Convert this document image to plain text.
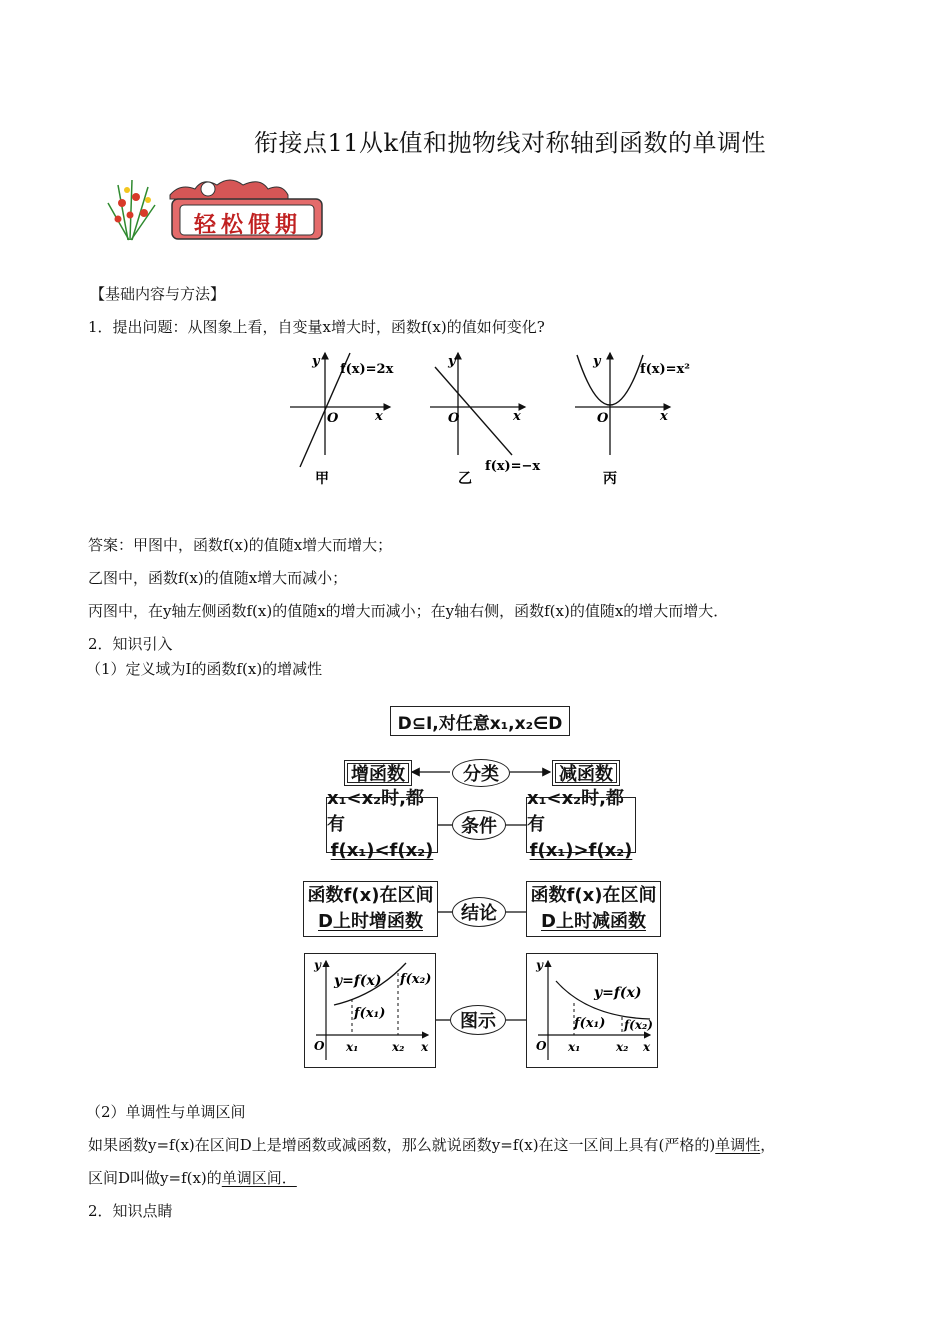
衔接点11从k值和抛物线对称轴到函数的单调性
轻松假期
【基础内容与方法】
1．提出问题：从图象上看，自变量x增大时，函数f(x)的值如何变化?
y
x
O
f(x)=2x
y
x
O
f(x)=−x
y
x
O
f(x)=x²
甲	乙	丙
答案：甲图中，函数f(x)的值随x增大而增大；
乙图中，函数f(x)的值随x增大而减小；
丙图中，在y轴左侧函数f(x)的值随x的增大而减小；在y轴右侧，函数f(x)的值随x的增大而增大．
2．知识引入
（1）定义域为I的函数f(x)的增减性
D⊆I,对任意x₁,x₂∈D
增函数	分类	减函数
x₁<x₂时,都有
f(x₁)<f(x₂)
条件
x₁<x₂时,都有
f(x₁)>f(x₂)
函数f(x)在区间
D上时增函数	结论
函数f(x)在区间
D上时减函数
y
O	x
y=f(x) f(x₂)
f(x₁)
x₁	x₂
图示
y
O	x
y=f(x)
f(x₁) f(x₂)
x₁	x₂
（2）单调性与单调区间
如果函数y=f(x)在区间D上是增函数或减函数，那么就说函数y=f(x)在这一区间上具有(严格的)单调性，
区间D叫做y=f(x)的单调区间．
2．知识点睛
